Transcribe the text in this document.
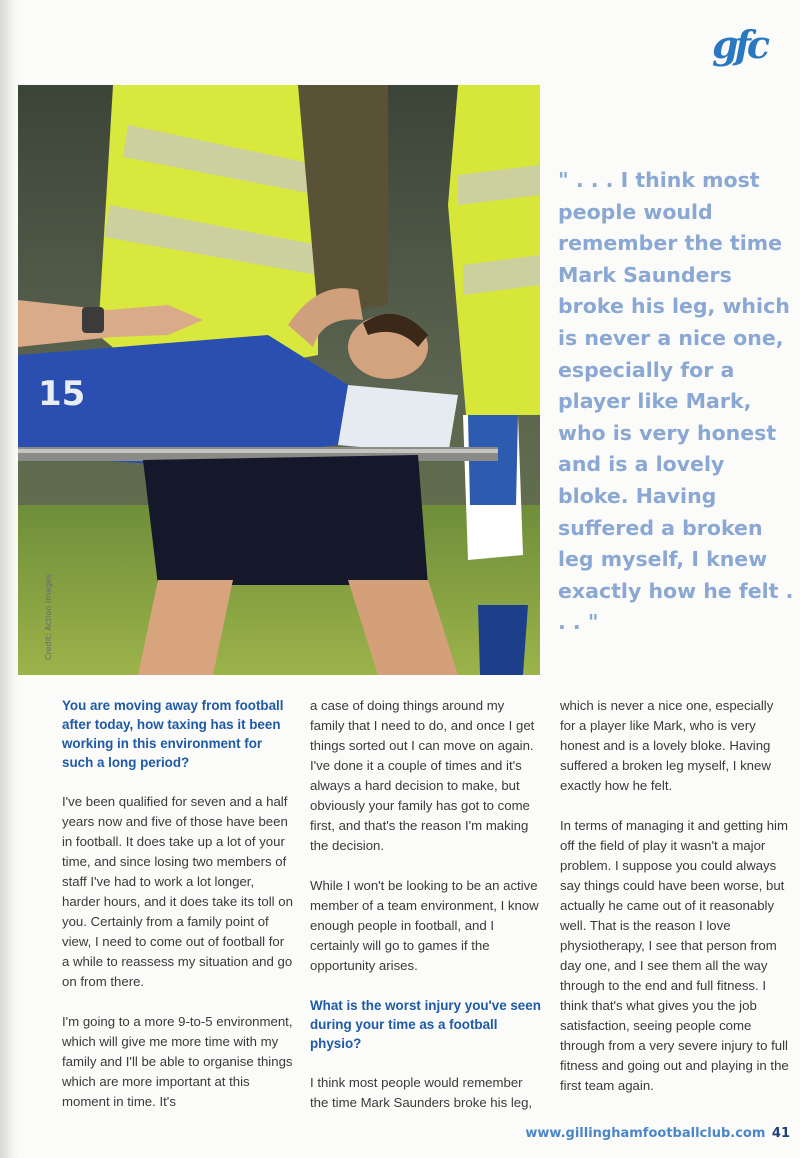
gfc
15
Credit: Action Images

" . . . I think most people would remember the time Mark Saunders broke his leg, which is never a nice one, especially for a player like Mark, who is very honest and is a lovely bloke. Having suffered a broken leg myself, I knew exactly how he felt . . . "

You are moving away from football after today, how taxing has it been working in this environment for such a long period?

I've been qualified for seven and a half years now and five of those have been in football. It does take up a lot of your time, and since losing two members of staff I've had to work a lot longer, harder hours, and it does take its toll on you. Certainly from a family point of view, I need to come out of football for a while to reassess my situation and go on from there.

I'm going to a more 9-to-5 environment, which will give me more time with my family and I'll be able to organise things which are more important at this moment in time. It's

a case of doing things around my family that I need to do, and once I get things sorted out I can move on again. I've done it a couple of times and it's always a hard decision to make, but obviously your family has got to come first, and that's the reason I'm making the decision.

While I won't be looking to be an active member of a team environment, I know enough people in football, and I certainly will go to games if the opportunity arises.

What is the worst injury you've seen during your time as a football physio?

I think most people would remember the time Mark Saunders broke his leg,

which is never a nice one, especially for a player like Mark, who is very honest and is a lovely bloke. Having suffered a broken leg myself, I knew exactly how he felt.

In terms of managing it and getting him off the field of play it wasn't a major problem. I suppose you could always say things could have been worse, but actually he came out of it reasonably well. That is the reason I love physiotherapy, I see that person from day one, and I see them all the way through to the end and full fitness. I think that's what gives you the job satisfaction, seeing people come through from a very severe injury to full fitness and going out and playing in the first team again.

www.gillinghamfootballclub.com 41
